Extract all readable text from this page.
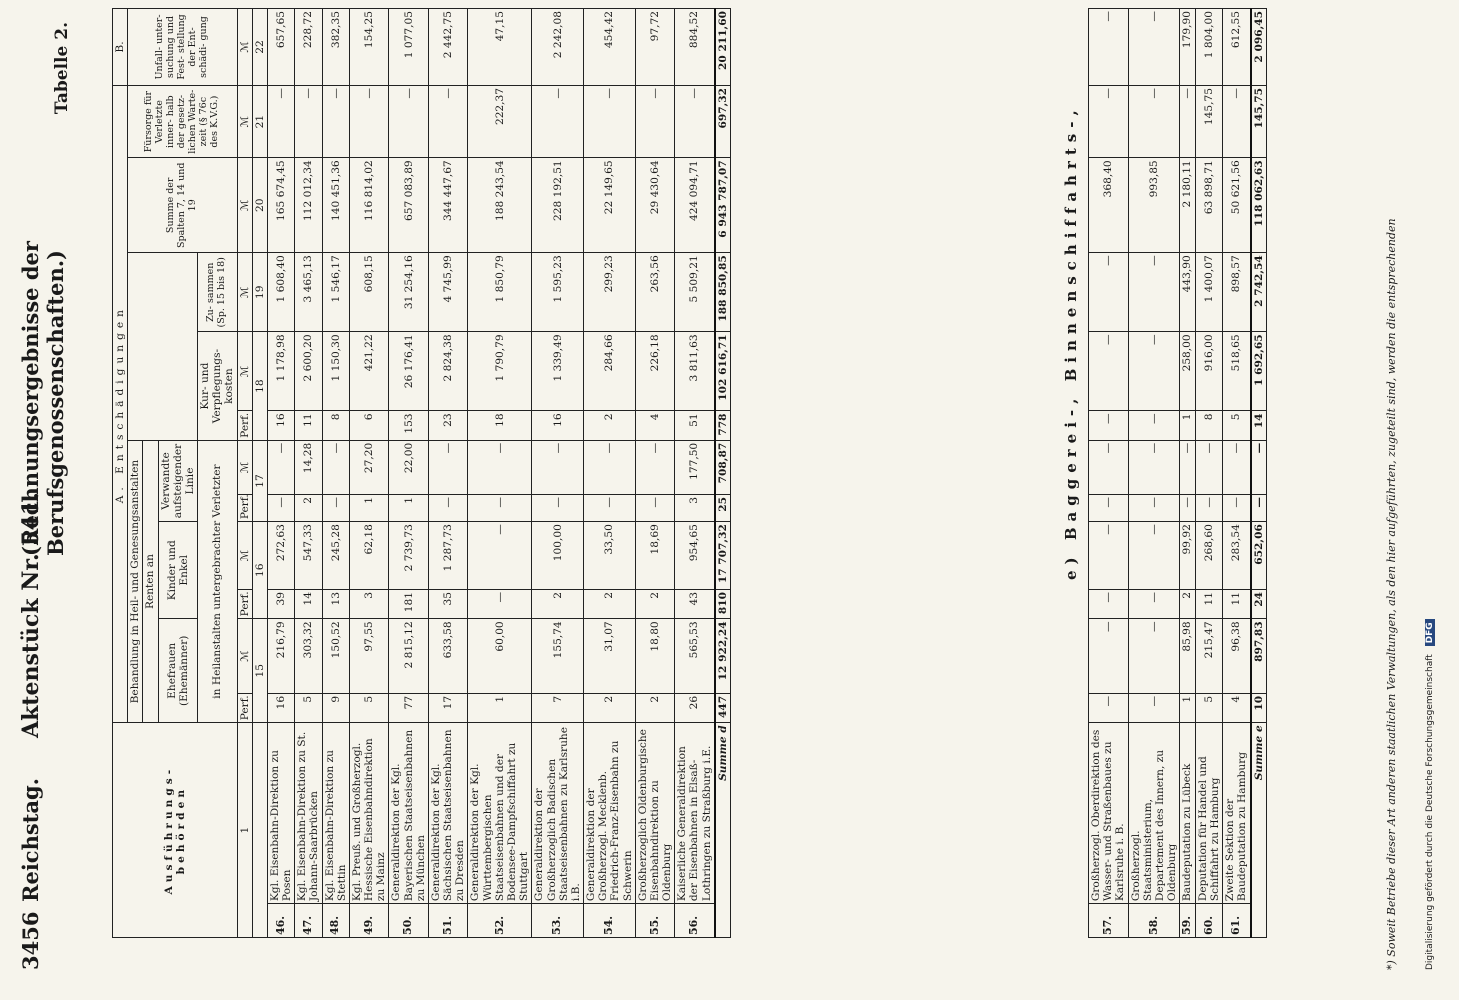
3456
Reichstag.
Aktenstück Nr. 541.
(Rechnungsergebnisse der Berufsgenossenschaften.)
Tabelle 2.
Ausführungs- behörden		A. Entschädigungen											B.
		Behandlung in Heil- und Genesungsanstalten									Summe der Spalten 7, 14 und 19	Fürsorge für Verletzte inner- halb der gesetz- lichen Warte- zeit (§ 76c des K.V.G.)	Unfall- unter- suchung und Fest- stellung der Ent- schädi- gung
		Renten an											
		Ehefrauen (Ehemänner)		Kinder und Enkel		Verwandte aufsteigender Linie							
		in Heilanstalten untergebrachter Verletzter						Kur- und Verpflegungs- kosten		Zu- sammen (Sp. 15 bis 18)			
1		Perf.	ℳ	Perf.	ℳ	Perf.	ℳ	Perf.	ℳ	ℳ	ℳ	ℳ	ℳ
		15		16		17		18		19	20	21	22
46.	Kgl. Eisenbahn-Direktion zu Posen	16	216,79	39	272,63	—	—	16	1 178,98	1 608,40	165 674,45	—	657,65
47.	Kgl. Eisenbahn-Direktion zu St. Johann-Saarbrücken	5	303,32	14	547,33	2	14,28	11	2 600,20	3 465,13	112 012,34	—	228,72
48.	Kgl. Eisenbahn-Direktion zu Stettin	9	150,52	13	245,28	—	—	8	1 150,30	1 546,17	140 451,36	—	382,35
49.	Kgl. Preuß. und Großherzogl. Hessische Eisenbahndirektion zu Mainz	5	97,55	3	62,18	1	27,20	6	421,22	608,15	116 814,02	—	154,25
50.	Generaldirektion der Kgl. Bayerischen Staatseisenbahnen zu München	77	2 815,12	181	2 739,73	1	22,00	153	26 176,41	31 254,16	657 083,89	—	1 077,05
51.	Generaldirektion der Kgl. Sächsischen Staatseisenbahnen zu Dresden	17	633,58	35	1 287,73	—	—	23	2 824,38	4 745,99	344 447,67	—	2 442,75
52.	Generaldirektion der Kgl. Württembergischen Staatseisenbahnen und der Bodensee-Dampfschiffahrt zu Stuttgart	1	60,00	—	—	—	—	18	1 790,79	1 850,79	188 243,54	222,37	47,15
53.	Generaldirektion der Großherzoglich Badischen Staatseisenbahnen zu Karlsruhe i.B.	7	155,74	2	100,00	—	—	16	1 339,49	1 595,23	228 192,51	—	2 242,08
54.	Generaldirektion der Großherzogl. Mecklenb. Friedrich-Franz-Eisenbahn zu Schwerin	2	31,07	2	33,50	—	—	2	284,66	299,23	22 149,65	—	454,42
55.	Großherzoglich Oldenburgische Eisenbahndirektion zu Oldenburg	2	18,80	2	18,69	—	—	4	226,18	263,56	29 430,64	—	97,72
56.	Kaiserliche Generaldirektion der Eisenbahnen in Elsaß-Lothringen zu Straßburg i.E.	26	565,53	43	954,65	3	177,50	51	3 811,63	5 509,21	424 094,71	—	884,52
Summe d		447	12 922,24	810	17 707,32	25	708,87	778	102 616,71	188 850,85	6 943 787,07	697,32	20 211,60
e) Baggerei-, Binnenschiffahrts-,
57.	Großherzogl. Oberdirektion des Wasser- und Straßenbaues zu Karlsruhe i. B.	—	—	—	—	—	—	—	—	—	368,40	—	—
58.	Großherzogl. Staatsministerium, Departement des Innern, zu Oldenburg	—	—	—	—	—	—	—	—	—	993,85	—	—
59.	Baudeputation zu Lübeck	1	85,98	2	99,92	—	—	1	258,00	443,90	2 180,11	—	179,90
60.	Deputation für Handel und Schiffahrt zu Hamburg	5	215,47	11	268,60	—	—	8	916,00	1 400,07	63 898,71	145,75	1 804,00
61.	Zweite Sektion der Baudeputation zu Hamburg	4	96,38	11	283,54	—	—	5	518,65	898,57	50 621,56	—	612,55
Summe e		10	897,83	24	652,06	—	—	14	1 692,65	2 742,54	118 062,63	145,75	2 096,45
*) Soweit Betriebe dieser Art anderen staatlichen Verwaltungen, als den hier aufgeführten, zugeteilt sind, werden die entsprechenden	Digitalisierung gefördert durch die Deutsche Forschungsgemeinschaft DFG
